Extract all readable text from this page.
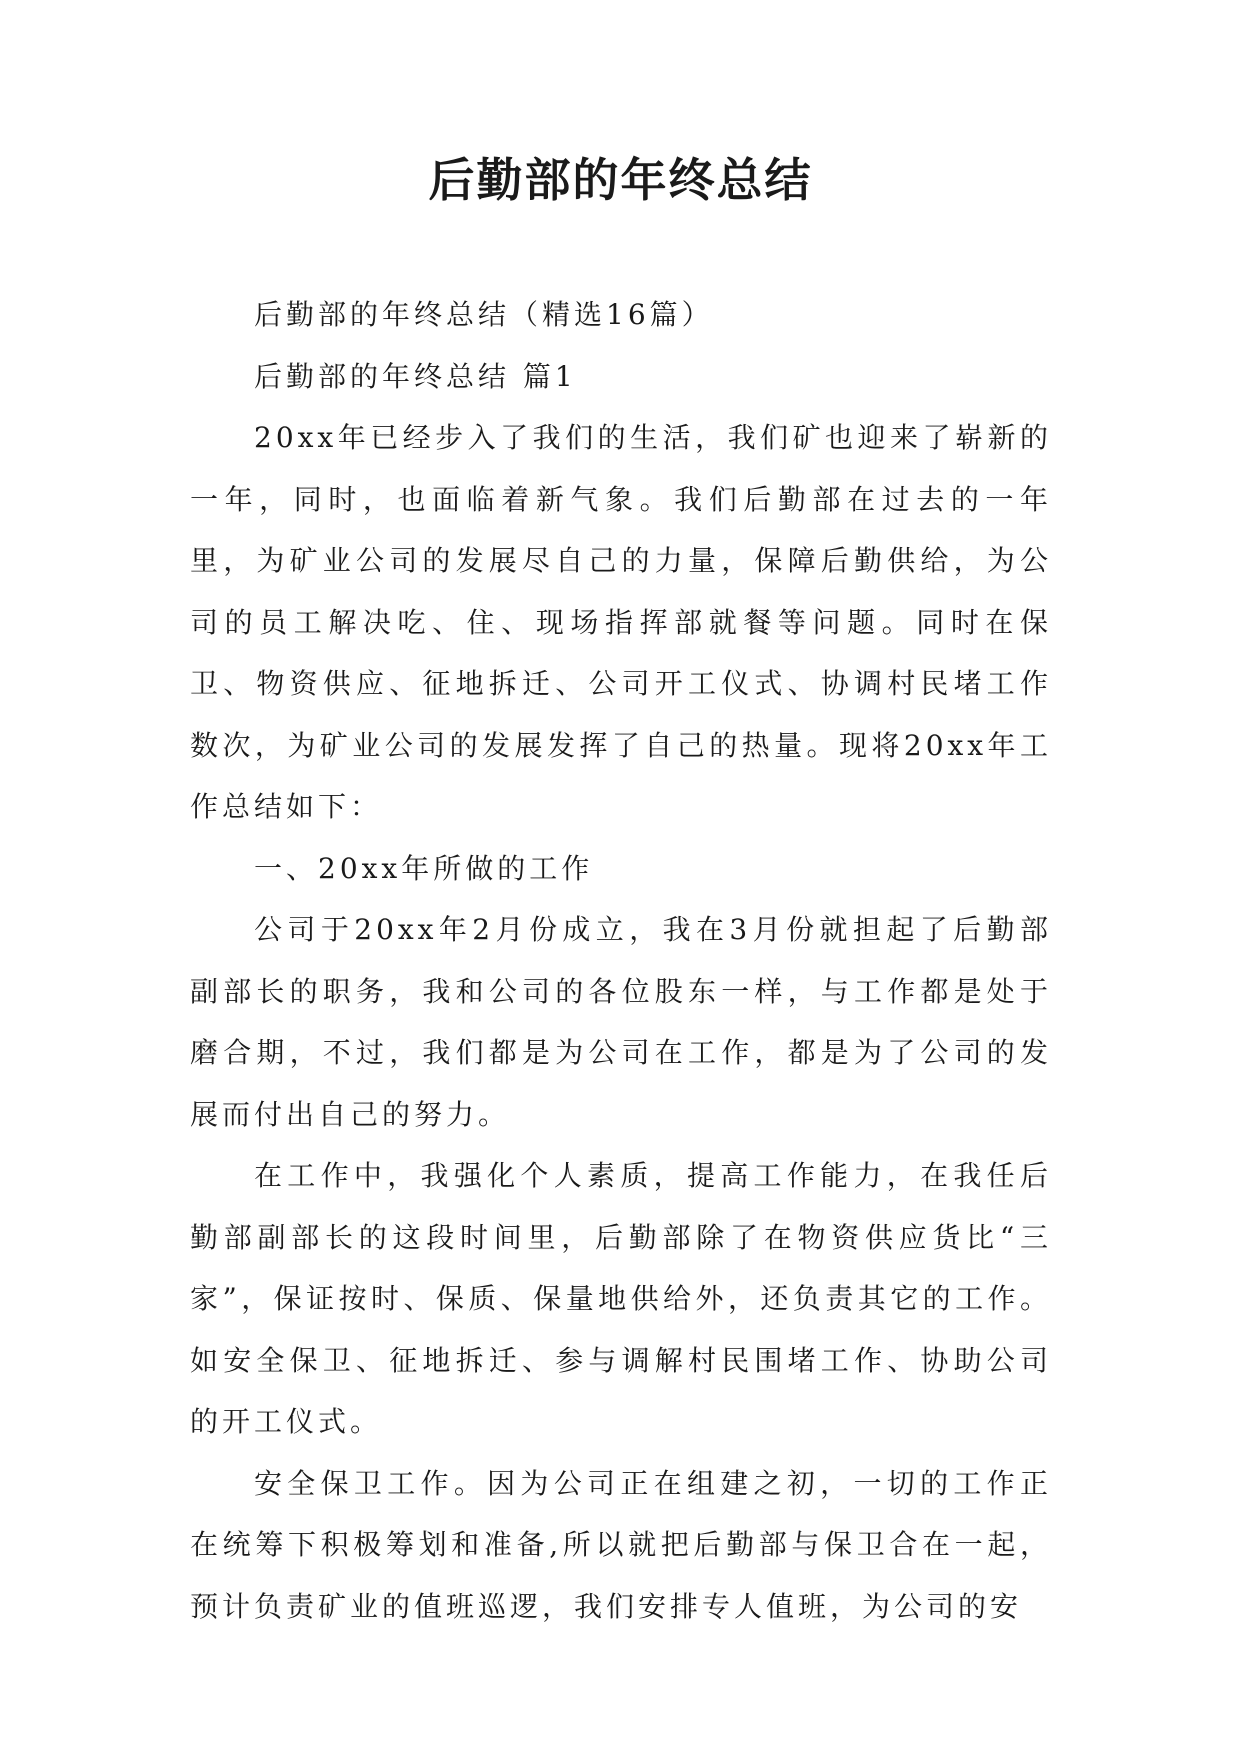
后勤部的年终总结

后勤部的年终总结（精选16篇）

后勤部的年终总结 篇1

20xx年已经步入了我们的生活，我们矿也迎来了崭新的一年，同时，也面临着新气象。我们后勤部在过去的一年里，为矿业公司的发展尽自己的力量，保障后勤供给，为公司的员工解决吃、住、现场指挥部就餐等问题。同时在保卫、物资供应、征地拆迁、公司开工仪式、协调村民堵工作数次，为矿业公司的发展发挥了自己的热量。现将20xx年工作总结如下：

一、20xx年所做的工作

公司于20xx年2月份成立，我在3月份就担起了后勤部副部长的职务，我和公司的各位股东一样，与工作都是处于磨合期，不过，我们都是为公司在工作，都是为了公司的发展而付出自己的努力。

在工作中，我强化个人素质，提高工作能力，在我任后勤部副部长的这段时间里，后勤部除了在物资供应货比“三家”，保证按时、保质、保量地供给外，还负责其它的工作。如安全保卫、征地拆迁、参与调解村民围堵工作、协助公司的开工仪式。

安全保卫工作。因为公司正在组建之初，一切的工作正在统筹下积极筹划和准备,所以就把后勤部与保卫合在一起，预计负责矿业的值班巡逻，我们安排专人值班，为公司的安
